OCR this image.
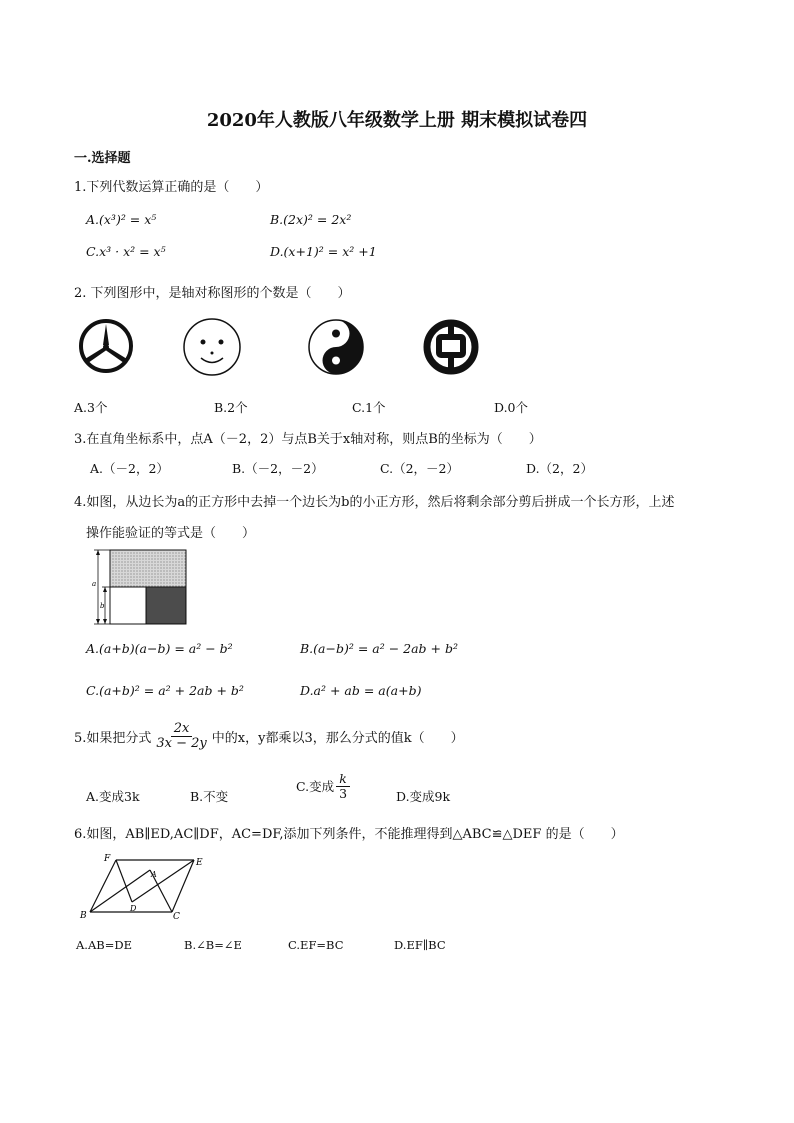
2020年人教版八年级数学上册 期末模拟试卷四
一.选择题
1.下列代数运算正确的是（　　）
A.(x³)² = x⁵	B.(2x)² = 2x²
C.x³ · x² = x⁵	D.(x+1)² = x² +1
2. 下列图形中，是轴对称图形的个数是（　　）
A.3个	B.2个	C.1个	D.0个
3.在直角坐标系中，点A（－2，2）与点B关于x轴对称，则点B的坐标为（　　）
A.（－2，2）	B.（－2，－2）	C.（2，－2）	D.（2，2）
4.如图，从边长为a的正方形中去掉一个边长为b的小正方形，然后将剩余部分剪后拼成一个长方形，上述
操作能验证的等式是（　　）
a
b
A.(a+b)(a−b) = a² − b²	B.(a−b)² = a² − 2ab + b²
C.(a+b)² = a² + 2ab + b²	D.a² + ab = a(a+b)
5.如果把分式 $\frac{2x}{3x - 2y}$ 中的x，y都乘以3，那么分式的值k（　　）
A.变成3k	B.不变
C.变成 $\frac{k}{3}$	D.变成9k
6.如图，AB∥ED,AC∥DF，AC=DF,添加下列条件，不能推理得到△ABC≌△DEF 的是（　　）
F	E
A
D
B	C
A.AB=DE	B.∠B=∠E	C.EF=BC	D.EF∥BC
